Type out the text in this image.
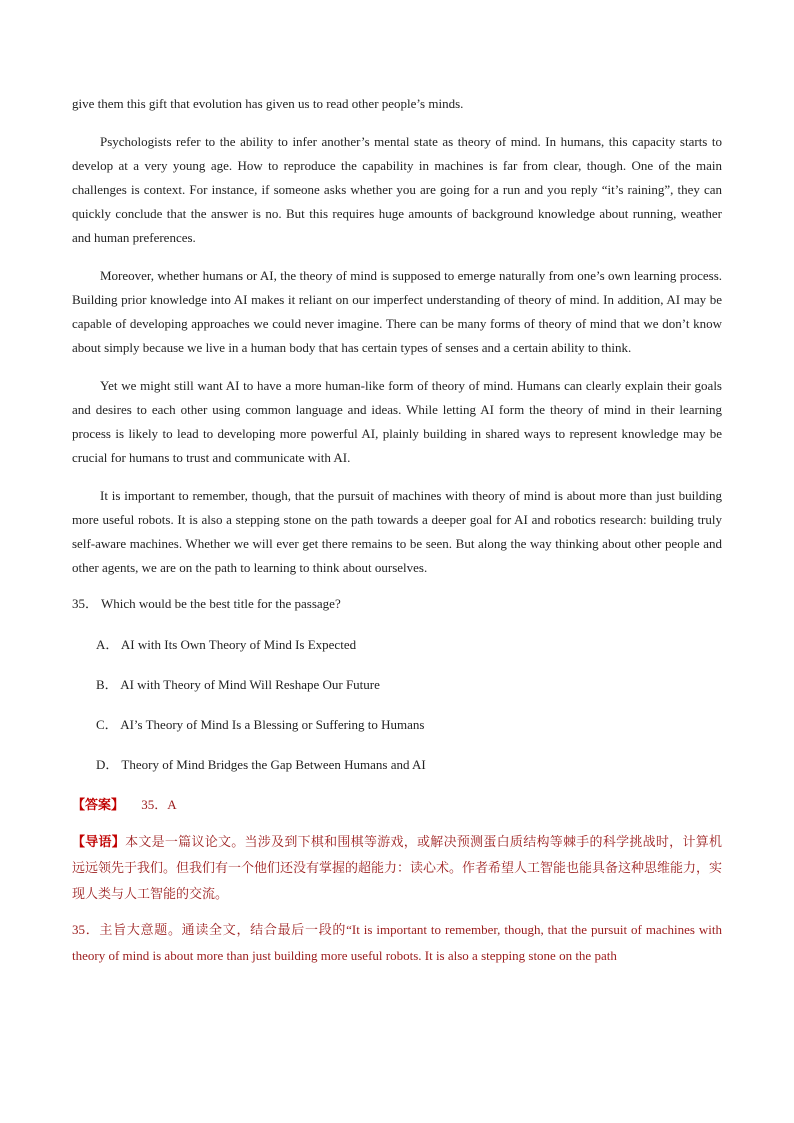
give them this gift that evolution has given us to read other people’s minds.

Psychologists refer to the ability to infer another’s mental state as theory of mind. In humans, this capacity starts to develop at a very young age. How to reproduce the capability in machines is far from clear, though. One of the main challenges is context. For instance, if someone asks whether you are going for a run and you reply “it’s raining”, they can quickly conclude that the answer is no. But this requires huge amounts of background knowledge about running, weather and human preferences.

Moreover, whether humans or AI, the theory of mind is supposed to emerge naturally from one’s own learning process. Building prior knowledge into AI makes it reliant on our imperfect understanding of theory of mind. In addition, AI may be capable of developing approaches we could never imagine. There can be many forms of theory of mind that we don’t know about simply because we live in a human body that has certain types of senses and a certain ability to think.

Yet we might still want AI to have a more human-like form of theory of mind. Humans can clearly explain their goals and desires to each other using common language and ideas. While letting AI form the theory of mind in their learning process is likely to lead to developing more powerful AI, plainly building in shared ways to represent knowledge may be crucial for humans to trust and communicate with AI.

It is important to remember, though, that the pursuit of machines with theory of mind is about more than just building more useful robots. It is also a stepping stone on the path towards a deeper goal for AI and robotics research: building truly self-aware machines. Whether we will ever get there remains to be seen. But along the way thinking about other people and other agents, we are on the path to learning to think about ourselves.

35． Which would be the best title for the passage?

A． AI with Its Own Theory of Mind Is Expected

B． AI with Theory of Mind Will Reshape Our Future

C． AI’s Theory of Mind Is a Blessing or Suffering to Humans

D． Theory of Mind Bridges the Gap Between Humans and AI

【答案】 35．A

【导语】本文是一篇议论文。当涉及到下棋和围棋等游戏，或解决预测蛋白质结构等棘手的科学挑战时，计算机远远领先于我们。但我们有一个他们还没有掌握的超能力：读心术。作者希望人工智能也能具备这种思维能力，实现人类与人工智能的交流。

35．主旨大意题。通读全文，结合最后一段的“It is important to remember, though, that the pursuit of machines with theory of mind is about more than just building more useful robots. It is also a stepping stone on the path
